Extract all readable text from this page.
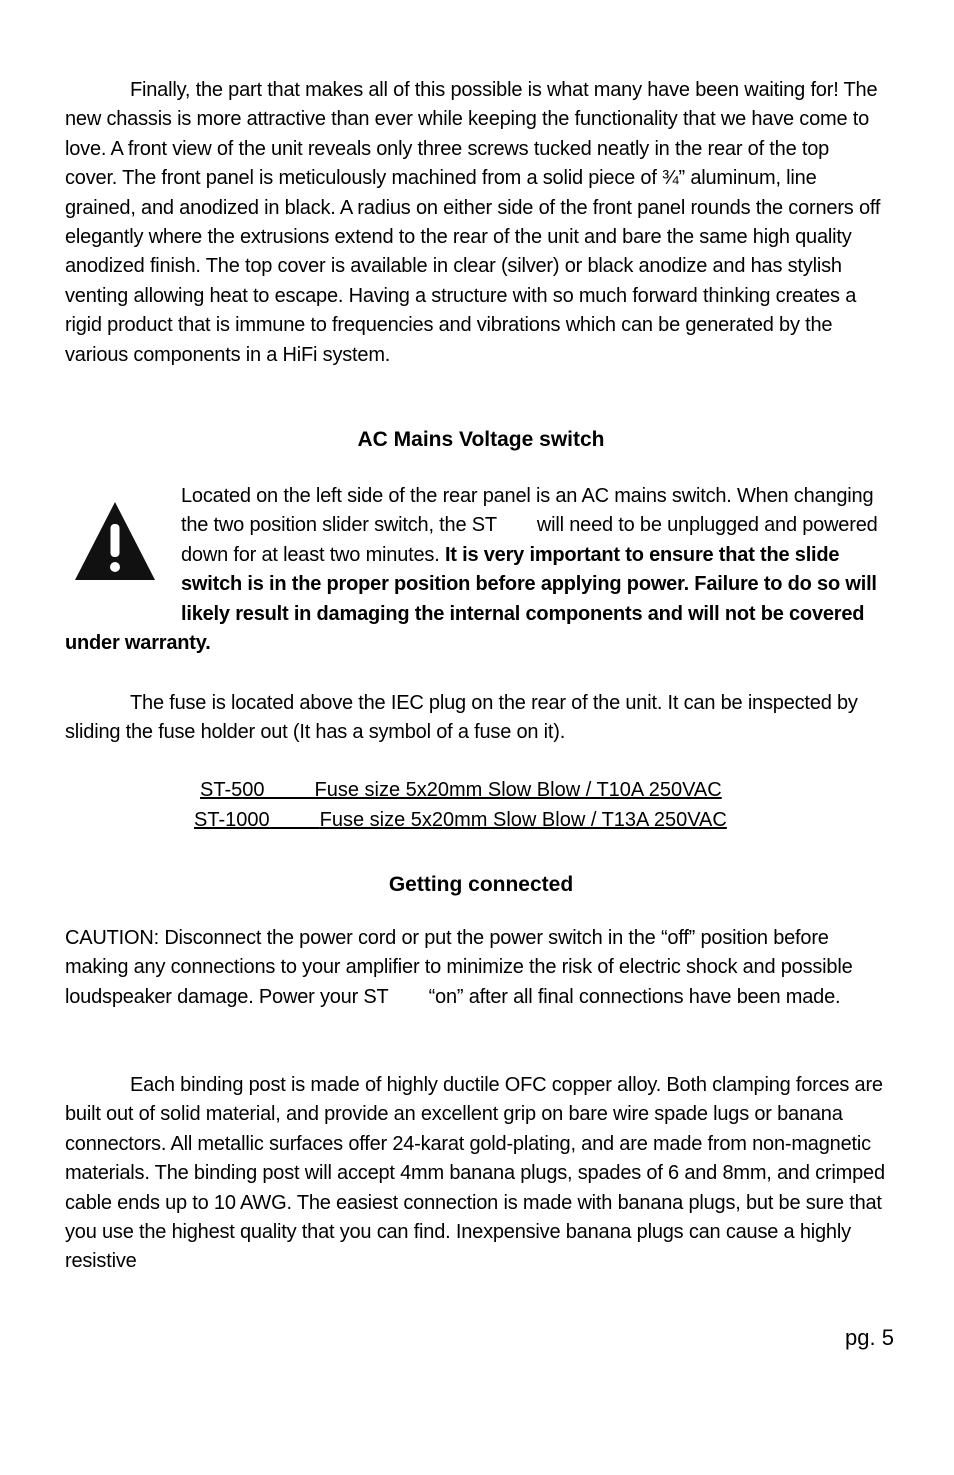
Finally, the part that makes all of this possible is what many have been waiting for! The new chassis is more attractive than ever while keeping the functionality that we have come to love. A front view of the unit reveals only three screws tucked neatly in the rear of the top cover. The front panel is meticulously machined from a solid piece of ¾” aluminum, line grained, and anodized in black. A radius on either side of the front panel rounds the corners off elegantly where the extrusions extend to the rear of the unit and bare the same high quality anodized finish. The top cover is available in clear (silver) or black anodize and has stylish venting allowing heat to escape. Having a structure with so much forward thinking creates a rigid product that is immune to frequencies and vibrations which can be generated by the various components in a HiFi system.
AC Mains Voltage switch
Located on the left side of the rear panel is an AC mains switch. When changing the two position slider switch, the ST will need to be unplugged and powered down for at least two minutes. It is very important to ensure that the slide switch is in the proper position before applying power. Failure to do so will likely result in damaging the internal components and will not be covered under warranty.
The fuse is located above the IEC plug on the rear of the unit. It can be inspected by sliding the fuse holder out (It has a symbol of a fuse on it).
ST-500	Fuse size 5x20mm Slow Blow / T10A 250VAC
ST-1000	Fuse size 5x20mm Slow Blow / T13A 250VAC
Getting connected
CAUTION: Disconnect the power cord or put the power switch in the “off” position before making any connections to your amplifier to minimize the risk of electric shock and possible loudspeaker damage. Power your ST “on” after all final connections have been made.
Each binding post is made of highly ductile OFC copper alloy. Both clamping forces are built out of solid material, and provide an excellent grip on bare wire spade lugs or banana connectors. All metallic surfaces offer 24-karat gold-plating, and are made from non-magnetic materials. The binding post will accept 4mm banana plugs, spades of 6 and 8mm, and crimped cable ends up to 10 AWG. The easiest connection is made with banana plugs, but be sure that you use the highest quality that you can find. Inexpensive banana plugs can cause a highly resistive
pg. 5
